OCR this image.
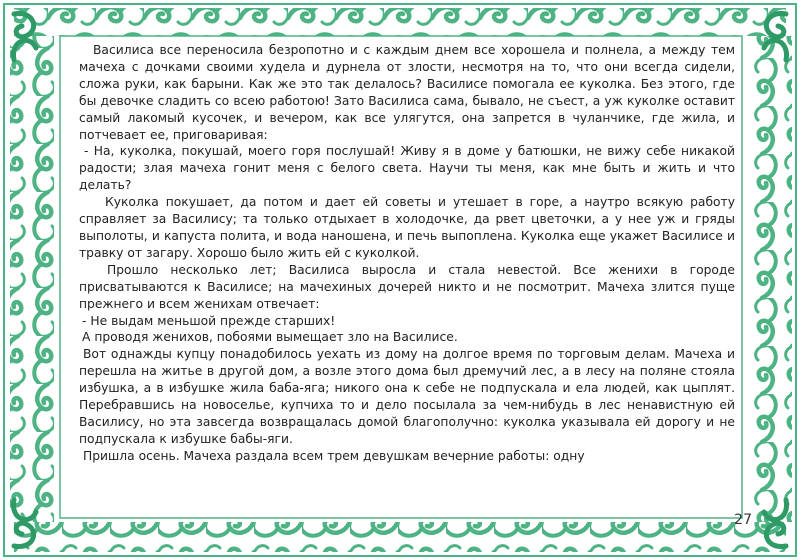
Василиса все переносила безропотно и с каждым днем все хорошела и полнела, а между тем мачеха с дочками своими худела и дурнела от злости, несмотря на то, что они всегда сидели, сложа руки, как барыни. Как же это так делалось? Василисе помогала ее куколка. Без этого, где бы девочке сладить со всею работою! Зато Василиса сама, бывало, не съест, а уж куколке оставит самый лакомый кусочек, и вечером, как все улягутся, она запрется в чуланчике, где жила, и потчевает ее, приговаривая:

- На, куколка, покушай, моего горя послушай! Живу я в доме у батюшки, не вижу себе никакой радости; злая мачеха гонит меня с белого света. Научи ты меня, как мне быть и жить и что делать?

Куколка покушает, да потом и дает ей советы и утешает в горе, а наутро всякую работу справляет за Василису; та только отдыхает в холодочке, да рвет цветочки, а у нее уж и гряды выполоты, и капуста полита, и вода наношена, и печь выпоплена. Куколка еще укажет Василисе и травку от загару. Хорошо было жить ей с куколкой.

Прошло несколько лет; Василиса выросла и стала невестой. Все женихи в городе присватываются к Василисе; на мачехиных дочерей никто и не посмотрит. Мачеха злится пуще прежнего и всем женихам отвечает:

- Не выдам меньшой прежде старших!

А проводя женихов, побоями вымещает зло на Василисе.

Вот однажды купцу понадобилось уехать из дому на долгое время по торговым делам. Мачеха и перешла на житье в другой дом, а возле этого дома был дремучий лес, а в лесу на поляне стояла избушка, а в избушке жила баба-яга; никого она к себе не подпускала и ела людей, как цыплят. Перебравшись на новоселье, купчиха то и дело посылала за чем-нибудь в лес ненавистную ей Василису, но эта завсегда возвращалась домой благополучно: куколка указывала ей дорогу и не подпускала к избушке бабы-яги.

Пришла осень. Мачеха раздала всем трем девушкам вечерние работы: одну

27
